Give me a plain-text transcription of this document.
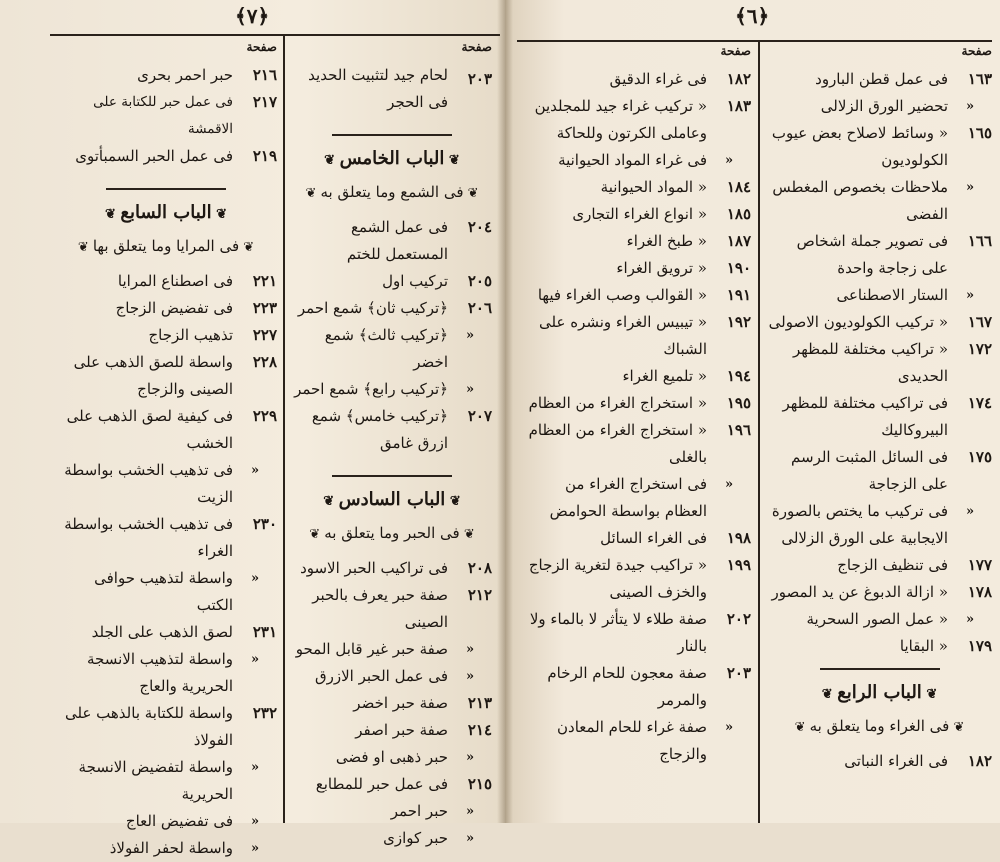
﴾٧﴿
صفحة
٢٠٣
لحام جيد لتثبيت الحديد فى الحجر
❦ الباب الخامس ❦
❦ فى الشمع وما يتعلق به ❦
٢٠٤
فى عمل الشمع المستعمل للختم
٢٠٥
تركيب اول
٢٠٦
﴿تركيب ثان﴾ شمع احمر
«
﴿تركيب ثالث﴾ شمع اخضر
«
﴿تركيب رابع﴾ شمع احمر
٢٠٧
﴿تركيب خامس﴾ شمع ازرق غامق
❦ الباب السادس ❦
❦ فى الحبر وما يتعلق به ❦
٢٠٨
فى تراكيب الحبر الاسود
٢١٢
صفة حبر يعرف بالحبر الصينى
«
صفة حبر غير قابل المحو
«
فى عمل الحبر الازرق
٢١٣
صفة حبر اخضر
٢١٤
صفة حبر اصفر
«
حبر ذهبى او فضى
٢١٥
فى عمل حبر للمطابع
«
حبر احمر
«
حبر كوازى
صفحة
٢١٦
حبر احمر بحرى
٢١٧
فى عمل حبر للكتابة على الاقمشة
٢١٩
فى عمل الحبر السمبأتوى
❦ الباب السابع ❦
❦ فى المرايا وما يتعلق بها ❦
٢٢١
فى اصطناع المرايا
٢٢٣
فى تفضيض الزجاج
٢٢٧
تذهيب الزجاج
٢٢٨
واسطة للصق الذهب على الصينى والزجاج
٢٢٩
فى كيفية لصق الذهب على الخشب
«
فى تذهيب الخشب بواسطة الزيت
٢٣٠
فى تذهيب الخشب بواسطة الغراء
«
واسطة لتذهيب حوافى الكتب
٢٣١
لصق الذهب على الجلد
«
واسطة لتذهيب الانسجة الحريرية والعاج
٢٣٢
واسطة للكتابة بالذهب على الفولاذ
«
واسطة لتفضيض الانسجة الحريرية
«
فى تفضيض العاج
«
واسطة لحفر الفولاذ
﴾٦﴿
صفحة
١٦٣
فى عمل قطن البارود
«
تحضير الورق الزلالى
١٦٥
« وسائط لاصلاح بعض عيوب الكولوديون
«
ملاحظات بخصوص المغطس الفضى
١٦٦
فى تصوير جملة اشخاص على زجاجة واحدة
«
الستار الاصطناعى
١٦٧
« تركيب الكولوديون الاصولى
١٧٢
« تراكيب مختلفة للمظهر الحديدى
١٧٤
فى تراكيب مختلفة للمظهر البيروكاليك
١٧٥
فى السائل المثبت الرسم على الزجاجة
«
فى تركيب ما يختص بالصورة الايجابية على الورق الزلالى
١٧٧
فى تنظيف الزجاج
١٧٨
« ازالة الدبوغ عن يد المصور
«
« عمل الصور السحرية
١٧٩
« البقايا
❦ الباب الرابع ❦
❦ فى الغراء وما يتعلق به ❦
١٨٢
فى الغراء النباتى
صفحة
١٨٢
فى غراء الدقيق
١٨٣
« تركيب غراء جيد للمجلدين وعاملى الكرتون وللحاكة
«
فى غراء المواد الحيوانية
١٨٤
« المواد الحيوانية
١٨٥
« انواع الغراء التجارى
١٨٧
« طبخ الغراء
١٩٠
« ترويق الغراء
١٩١
« القوالب وصب الغراء فيها
١٩٢
« تيبيس الغراء ونشره على الشباك
١٩٤
« تلميع الغراء
١٩٥
« استخراج الغراء من العظام
١٩٦
« استخراج الغراء من العظام بالغلى
«
فى استخراج الغراء من العظام بواسطة الحوامض
١٩٨
فى الغراء السائل
١٩٩
« تراكيب جيدة لتغرية الزجاج والخزف الصينى
٢٠٢
صفة طلاء لا يتأثر لا بالماء ولا بالنار
٢٠٣
صفة معجون للحام الرخام والمرمر
«
صفة غراء للحام المعادن والزجاج
